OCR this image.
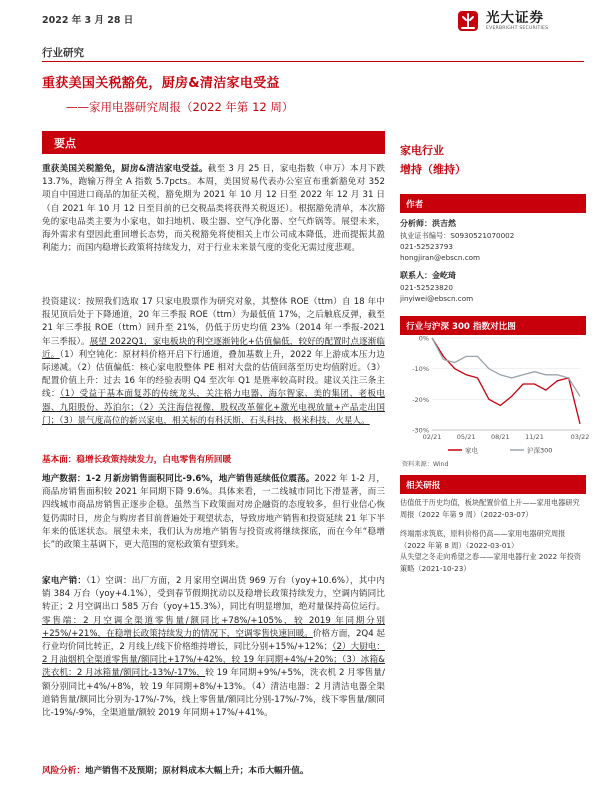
2022 年 3 月 28 日	光大证券
EVERBRIGHT SECURITIES
行业研究
重获美国关税豁免，厨房&清洁家电受益
——家用电器研究周报（2022 年第 12 周）
要点
重获美国关税豁免，厨房&清洁家电受益。截至 3 月 25 日，家电指数（申万）本月下跌 13.7%，跑输万得全 A 指数 5.7pcts。本周，美国贸易代表办公室宣布重新豁免对 352 项自中国进口商品的加征关税，豁免期为 2021 年 10 月 12 日至 2022 年 12 月 31 日（自 2021 年 10 月 12 日至目前的已交税品类将获得关税返还）。根据豁免清单，本次豁免的家电品类主要为小家电，如扫地机、吸尘器、空气净化器、空气炸锅等。展望未来，海外需求有望因此重回增长态势，而关税豁免将使相关上市公司成本降低，进而提振其盈利能力；而国内稳增长政策将持续发力，对于行业未来景气度的变化无需过度悲观。
投资建议：按照我们选取 17 只家电股票作为研究对象，其整体 ROE（ttm）自 18 年中报见顶后处于下降通道，20 年三季报 ROE（ttm）为最低值 17%，之后触底反弹，截至 21 年三季报 ROE（ttm）回升至 21%，仍低于历史均值 23%（2014 年一季报-2021 年三季报）。展望 2022Q1，家电板块的利空逐渐钝化+估值偏低，较好的配置时点逐渐临近。（1）利空钝化：原材料价格开启下行通道，叠加基数上升，2022 年上游成本压力边际递减。（2）估值偏低：核心家电股整体 PE 相对大盘的估值回落至历史均值附近。（3）配置价值上升：过去 16 年的经验表明 Q4 至次年 Q1 是胜率较高时段。建议关注三条主线：（1）受益于基本面复苏的传统龙头，关注格力电器、海尔智家、美的集团、老板电器、九阳股份、苏泊尔；（2）关注海信视像，股权改革催化+激光电视放量+产品走出国门；（3）景气度高位的新兴家电，相关标的有科沃斯、石头科技、极米科技、火星人。
基本面：稳增长政策持续发力，白电零售有所回暖
地产数据：1-2 月新房销售面积同比-9.6%，地产销售延续低位震荡。2022 年 1-2 月，商品房销售面积较 2021 年同期下降 9.6%。具体来看，一二线城市同比下滑显著，而三四线城市商品房销售正逐步企稳。虽然当下政策面对房企融资的态度较多，但行业信心恢复仍需时日，房企与购房者目前普遍处于观望状态，导致房地产销售和投资延续 21 年下半年来的低迷状态。展望未来，我们认为房地产销售与投资或将继续探底，而在今年“稳增长”的政策主基调下，更大范围的宽松政策有望到来。
家电产销：（1）空调：出厂方面，2 月家用空调出货 969 万台（yoy+10.6%），其中内销 384 万台（yoy+4.1%），受到春节假期扰动以及稳增长政策持续发力，空调内销同比转正；2 月空调出口 585 万台（yoy+15.3%），同比有明显增加，绝对量保持高位运行。零售端：2 月空调全渠道零售量/额同比+78%/+105%，较 2019 年同期分别+25%/+21%，在稳增长政策持续发力的情况下，空调零售快速回暖。价格方面，2Q4 起行业均价同比转正，2 月线上/线下价格维持增长，同比分别+15%/+12%；（2）大厨电：2 月油烟机全渠道零售量/额同比+17%/+42%，较 19 年同期+4%/+20%；（3）冰箱&洗衣机：2 月冰箱量/额同比-13%/-17%，较 19 年同期+9%/+5%，洗衣机 2 月零售量/额分别同比+4%/+8%，较 19 年同期+8%/+13%。（4）清洁电器：2 月清洁电器全渠道销售量/额同比分别为-17%/-7%，线上零售量/额同比分别-17%/-7%，线下零售量/额同比-19%/-9%，全渠道量/额较 2019 年同期+17%/+41%。
风险分析：地产销售不及预期；原材料成本大幅上升；本币大幅升值。
家电行业
增持（维持）
作者
分析师：洪吉然
执业证书编号：S0930521070002
021-52523793
hongjiran@ebscn.com
联系人：金屹琦
021-52523820
jinyiwei@ebscn.com
行业与沪深 300 指数对比图
0%
-10%
-20%
-30%
02/21 05/21 08/21 11/21	03/22
家电	沪深300
资料来源：Wind
相关研报
估值低于历史均值，板块配置价值上升——家用电器研究周报（2022 年第 9 周）（2022-03-07）
终端需求筑底，原料价格仍高——家用电器研究周报（2022 年第 8 周）（2022-03-01）
从失望之冬走向希望之春——家用电器行业 2022 年投资策略（2021-10-23）
